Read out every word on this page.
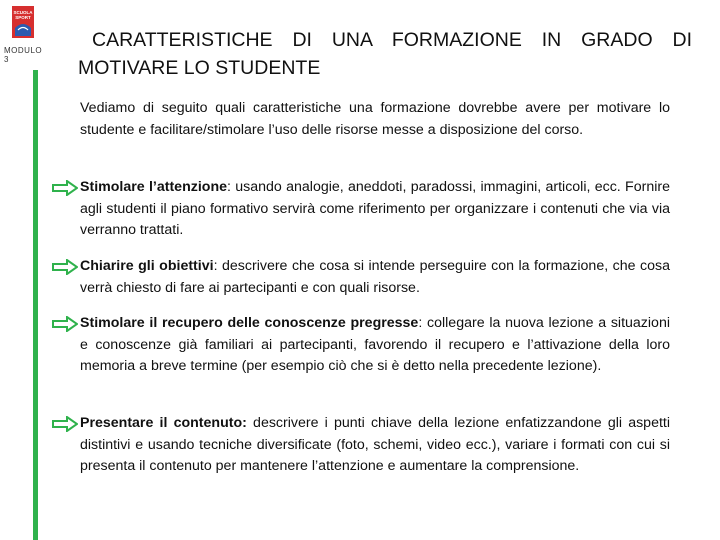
SCUOLA
SPORT
MODULO 3
CARATTERISTICHE DI UNA FORMAZIONE IN GRADO DI
MOTIVARE LO STUDENTE
Vediamo di seguito quali caratteristiche una formazione dovrebbe avere per motivare lo studente e facilitare/stimolare l’uso delle risorse messe a disposizione del corso.
Stimolare l’attenzione: usando analogie, aneddoti, paradossi, immagini, articoli, ecc. Fornire agli studenti il piano formativo servirà come riferimento per organizzare i contenuti che via via verranno trattati.
Chiarire gli obiettivi: descrivere che cosa si intende perseguire con la formazione, che cosa verrà chiesto di fare ai partecipanti e con quali risorse.
Stimolare il recupero delle conoscenze pregresse: collegare la nuova lezione a situazioni e conoscenze già familiari ai partecipanti, favorendo il recupero e l’attivazione della loro memoria a breve termine (per esempio ciò che si è detto nella precedente lezione).
Presentare il contenuto: descrivere i punti chiave della lezione enfatizzandone gli aspetti distintivi e usando tecniche diversificate (foto, schemi, video ecc.), variare i formati con cui si presenta il contenuto per mantenere l’attenzione e aumentare la comprensione.
